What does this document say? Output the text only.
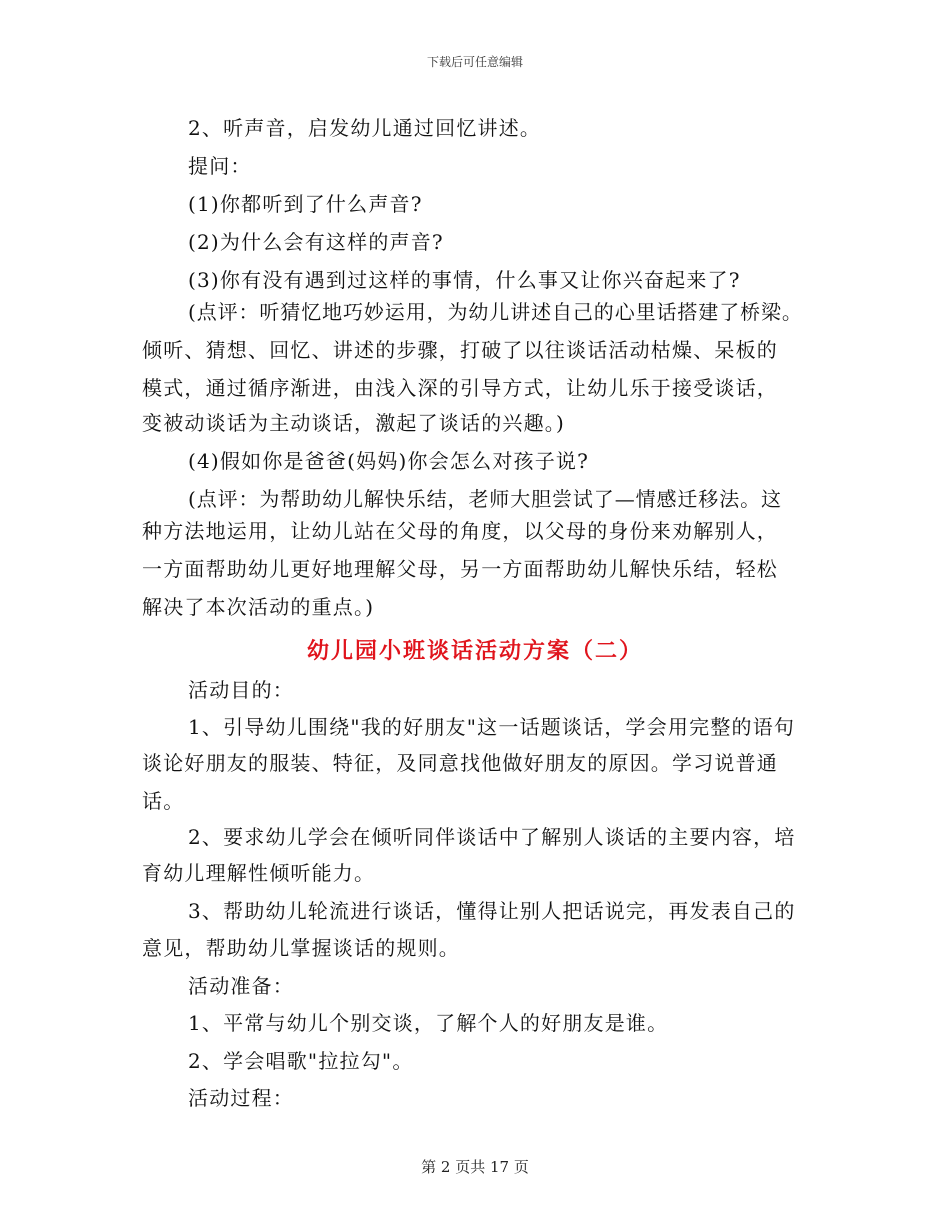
下载后可任意编辑
2、听声音，启发幼儿通过回忆讲述。
提问：
(1)你都听到了什么声音?
(2)为什么会有这样的声音?
(3)你有没有遇到过这样的事情，什么事又让你兴奋起来了?
(点评：听猜忆地巧妙运用，为幼儿讲述自己的心里话搭建了桥梁。
倾听、猜想、回忆、讲述的步骤，打破了以往谈话活动枯燥、呆板的
模式，通过循序渐进，由浅入深的引导方式，让幼儿乐于接受谈话，
变被动谈话为主动谈话，激起了谈话的兴趣。)
(4)假如你是爸爸(妈妈)你会怎么对孩子说?
(点评：为帮助幼儿解快乐结，老师大胆尝试了—情感迁移法。这
种方法地运用，让幼儿站在父母的角度，以父母的身份来劝解别人，
一方面帮助幼儿更好地理解父母，另一方面帮助幼儿解快乐结，轻松
解决了本次活动的重点。)
幼儿园小班谈话活动方案（二）
活动目的：
1、引导幼儿围绕"我的好朋友"这一话题谈话，学会用完整的语句
谈论好朋友的服装、特征，及同意找他做好朋友的原因。学习说普通
话。
2、要求幼儿学会在倾听同伴谈话中了解别人谈话的主要内容，培
育幼儿理解性倾听能力。
3、帮助幼儿轮流进行谈话，懂得让别人把话说完，再发表自己的
意见，帮助幼儿掌握谈话的规则。
活动准备：
1、平常与幼儿个别交谈，了解个人的好朋友是谁。
2、学会唱歌"拉拉勾"。
活动过程：
第 2 页共 17 页
